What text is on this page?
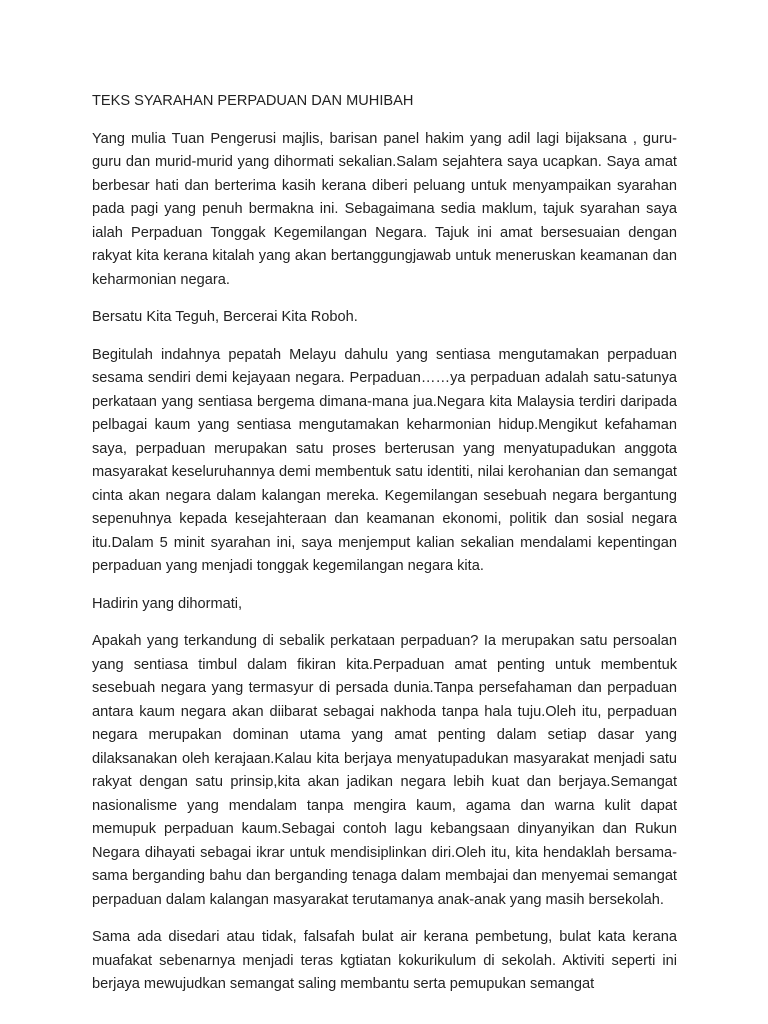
TEKS SYARAHAN PERPADUAN DAN MUHIBAH

Yang mulia Tuan Pengerusi majlis, barisan panel hakim yang adil lagi bijaksana , guru-guru dan murid-murid yang dihormati sekalian.Salam sejahtera saya ucapkan. Saya amat berbesar hati dan berterima kasih kerana diberi peluang untuk menyampaikan syarahan pada pagi yang penuh bermakna ini. Sebagaimana sedia maklum, tajuk syarahan saya ialah Perpaduan Tonggak Kegemilangan Negara. Tajuk ini amat bersesuaian dengan rakyat kita kerana kitalah yang akan bertanggungjawab untuk meneruskan keamanan dan keharmonian negara.

Bersatu Kita Teguh, Bercerai Kita Roboh.

Begitulah indahnya pepatah Melayu dahulu yang sentiasa mengutamakan perpaduan sesama sendiri demi kejayaan negara. Perpaduan……ya perpaduan adalah satu-satunya perkataan yang sentiasa bergema dimana-mana jua.Negara kita Malaysia terdiri daripada pelbagai kaum yang sentiasa mengutamakan keharmonian hidup.Mengikut kefahaman saya, perpaduan merupakan satu proses berterusan yang menyatupadukan anggota masyarakat keseluruhannya demi membentuk satu identiti, nilai kerohanian dan semangat cinta akan negara dalam kalangan mereka. Kegemilangan sesebuah negara bergantung sepenuhnya kepada kesejahteraan dan keamanan ekonomi, politik dan sosial negara itu.Dalam 5 minit syarahan ini, saya menjemput kalian sekalian mendalami kepentingan perpaduan yang menjadi tonggak kegemilangan negara kita.

Hadirin yang dihormati,

Apakah yang terkandung di sebalik perkataan perpaduan? Ia merupakan satu persoalan yang sentiasa timbul dalam fikiran kita.Perpaduan amat penting untuk membentuk sesebuah negara yang termasyur di persada dunia.Tanpa persefahaman dan perpaduan antara kaum negara akan diibarat sebagai nakhoda tanpa hala tuju.Oleh itu, perpaduan negara merupakan dominan utama yang amat penting dalam setiap dasar yang dilaksanakan oleh kerajaan.Kalau kita berjaya menyatupadukan masyarakat menjadi satu rakyat dengan satu prinsip,kita akan jadikan negara lebih kuat dan berjaya.Semangat nasionalisme yang mendalam tanpa mengira kaum, agama dan warna kulit dapat memupuk perpaduan kaum.Sebagai contoh lagu kebangsaan dinyanyikan dan Rukun Negara dihayati sebagai ikrar untuk mendisiplinkan diri.Oleh itu, kita hendaklah bersama-sama berganding bahu dan berganding tenaga dalam membajai dan menyemai semangat perpaduan dalam kalangan masyarakat terutamanya anak-anak yang masih bersekolah.

Sama ada disedari atau tidak, falsafah bulat air kerana pembetung, bulat kata kerana muafakat sebenarnya menjadi teras kgtiatan kokurikulum di sekolah. Aktiviti seperti ini berjaya mewujudkan semangat saling membantu serta pemupukan semangat
